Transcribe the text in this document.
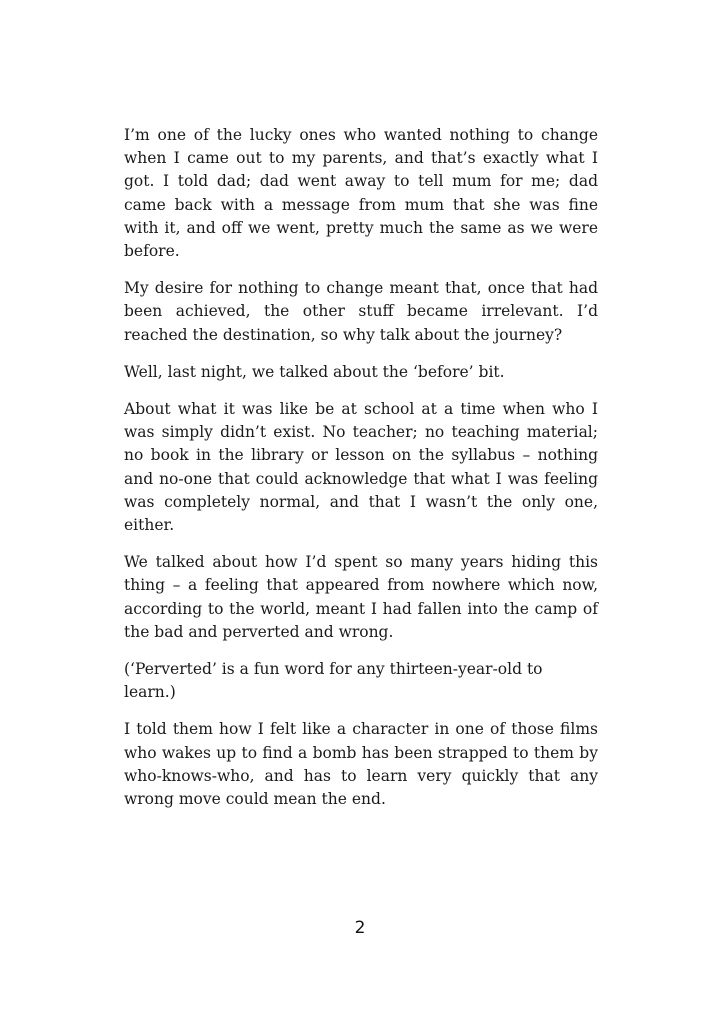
I’m one of the lucky ones who wanted nothing to change when I came out to my parents, and that’s exactly what I got. I told dad; dad went away to tell mum for me; dad came back with a message from mum that she was fine with it, and off we went, pretty much the same as we were before.

My desire for nothing to change meant that, once that had been achieved, the other stuff became irrelevant. I’d reached the destination, so why talk about the journey?

Well, last night, we talked about the ‘before’ bit.

About what it was like be at school at a time when who I was simply didn’t exist. No teacher; no teaching material; no book in the library or lesson on the syllabus – nothing and no-one that could acknowledge that what I was feeling was completely normal, and that I wasn’t the only one, either.

We talked about how I’d spent so many years hiding this thing – a feeling that appeared from nowhere which now, according to the world, meant I had fallen into the camp of the bad and perverted and wrong.

(‘Perverted’ is a fun word for any thirteen-year-old to learn.)

I told them how I felt like a character in one of those films who wakes up to find a bomb has been strapped to them by who-knows-who, and has to learn very quickly that any wrong move could mean the end.

2
